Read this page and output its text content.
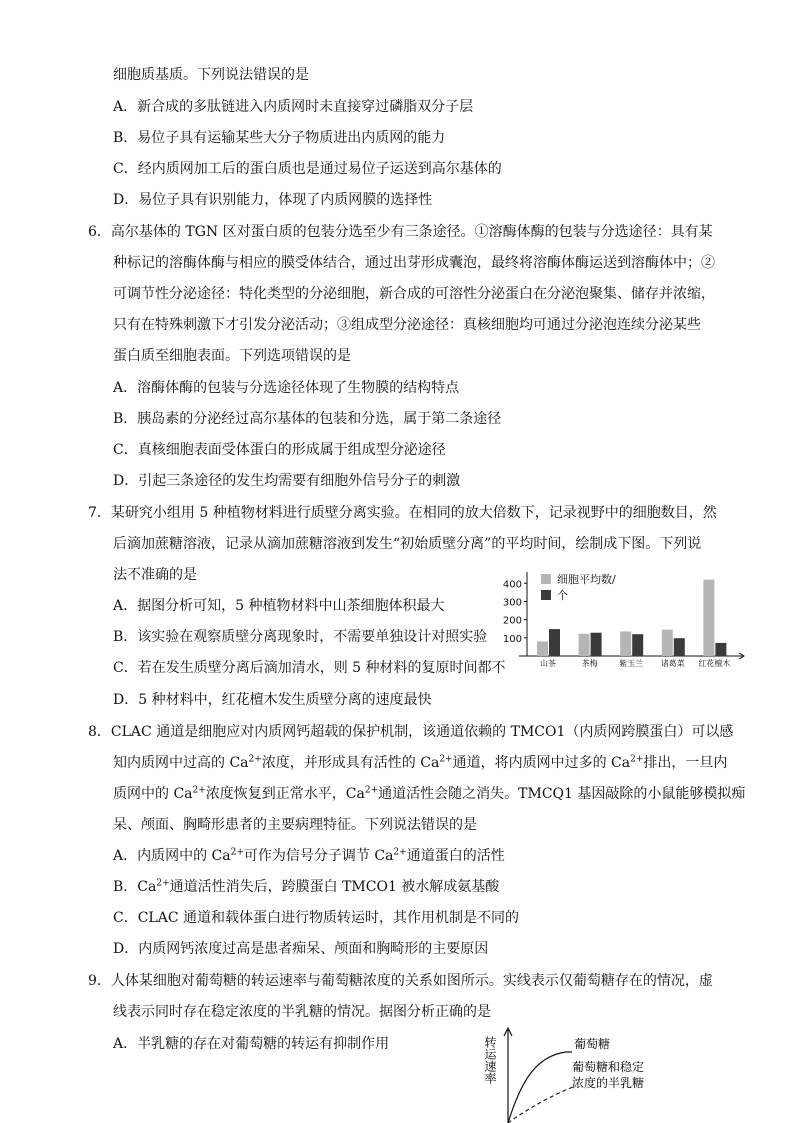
细胞质基质。下列说法错误的是
A．新合成的多肽链进入内质网时未直接穿过磷脂双分子层
B．易位子具有运输某些大分子物质进出内质网的能力
C．经内质网加工后的蛋白质也是通过易位子运送到高尔基体的
D．易位子具有识别能力，体现了内质网膜的选择性
6．高尔基体的 TGN 区对蛋白质的包装分选至少有三条途径。①溶酶体酶的包装与分选途径：具有某
种标记的溶酶体酶与相应的膜受体结合，通过出芽形成囊泡，最终将溶酶体酶运送到溶酶体中；②
可调节性分泌途径：特化类型的分泌细胞，新合成的可溶性分泌蛋白在分泌泡聚集、储存并浓缩，
只有在特殊刺激下才引发分泌活动；③组成型分泌途径：真核细胞均可通过分泌泡连续分泌某些
蛋白质至细胞表面。下列选项错误的是
A．溶酶体酶的包装与分选途径体现了生物膜的结构特点
B．胰岛素的分泌经过高尔基体的包装和分选，属于第二条途径
C．真核细胞表面受体蛋白的形成属于组成型分泌途径
D．引起三条途径的发生均需要有细胞外信号分子的刺激
7．某研究小组用 5 种植物材料进行质壁分离实验。在相同的放大倍数下，记录视野中的细胞数目，然
后滴加蔗糖溶液，记录从滴加蔗糖溶液到发生“初始质壁分离”的平均时间，绘制成下图。下列说
法不准确的是
A．据图分析可知，5 种植物材料中山茶细胞体积最大
B．该实验在观察质壁分离现象时，不需要单独设计对照实验
C．若在发生质壁分离后滴加清水，则 5 种材料的复原时间都不同
D．5 种材料中，红花檀木发生质壁分离的速度最快
400
300
200
100
山茶	茶梅	紫玉兰 诸葛菜 红花檀木
细胞平均数/
个
8．CLAC 通道是细胞应对内质网钙超载的保护机制，该通道依赖的 TMCO1（内质网跨膜蛋白）可以感
知内质网中过高的 $Ca^{2+}$浓度，并形成具有活性的 $Ca^{2+}$通道，将内质网中过多的 $Ca^{2+}$排出，一旦内
质网中的 $Ca^{2+}$浓度恢复到正常水平，$Ca^{2+}$通道活性会随之消失。TMCQ1 基因敲除的小鼠能够模拟痴
呆、颅面、胸畸形患者的主要病理特征。下列说法错误的是
A．内质网中的 $Ca^{2+}$可作为信号分子调节 $Ca^{2+}$通道蛋白的活性
B．$Ca^{2+}$通道活性消失后，跨膜蛋白 TMCO1 被水解成氨基酸
C．CLAC 通道和载体蛋白进行物质转运时，其作用机制是不同的
D．内质网钙浓度过高是患者痴呆、颅面和胸畸形的主要原因
9．人体某细胞对葡萄糖的转运速率与葡萄糖浓度的关系如图所示。实线表示仅葡萄糖存在的情况，虚
线表示同时存在稳定浓度的半乳糖的情况。据图分析正确的是
A．半乳糖的存在对葡萄糖的转运有抑制作用	转运速率	葡萄糖
葡萄糖和稳定
浓度的半乳糖
